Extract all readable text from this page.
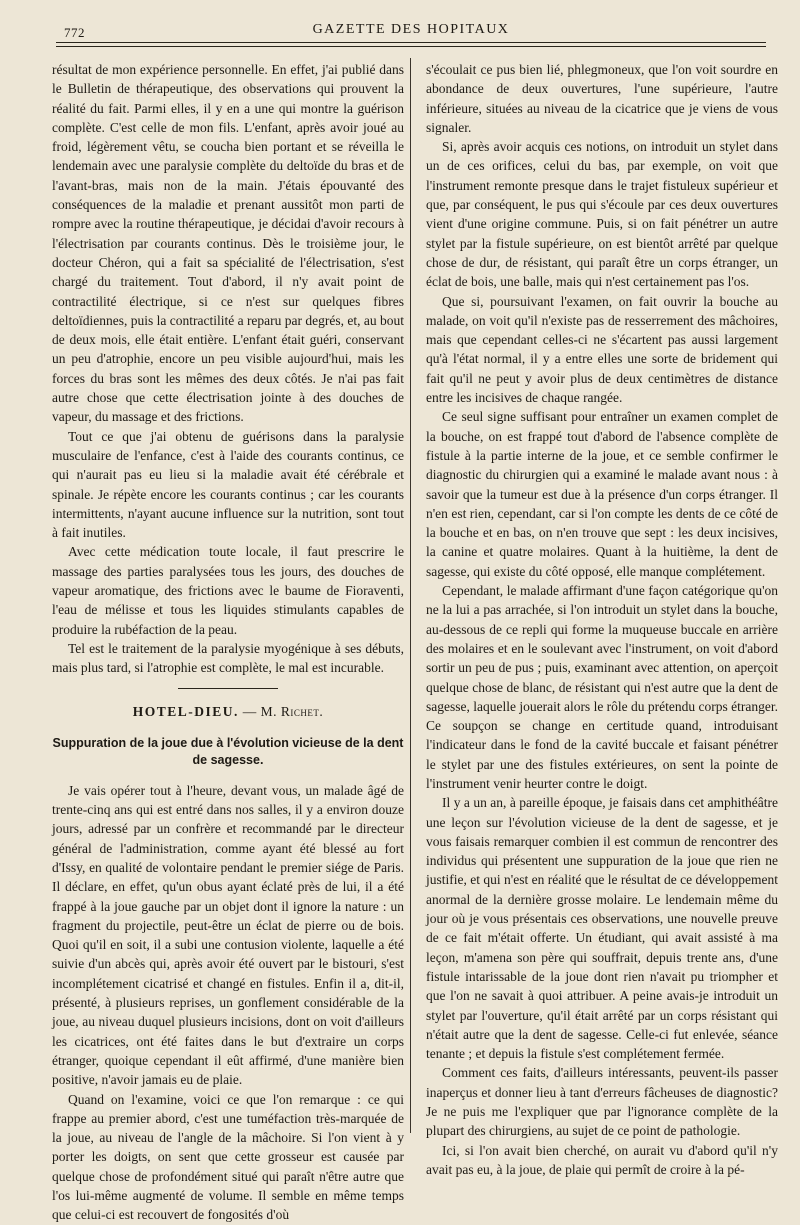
772	GAZETTE DES HOPITAUX

résultat de mon expérience personnelle. En effet, j'ai publié dans le Bulletin de thérapeutique, des observations qui prouvent la réalité du fait. Parmi elles, il y en a une qui montre la guérison complète. C'est celle de mon fils. L'enfant, après avoir joué au froid, légèrement vêtu, se coucha bien portant et se réveilla le lendemain avec une paralysie complète du deltoïde du bras et de l'avant-bras, mais non de la main. J'étais épouvanté des conséquences de la maladie et prenant aussitôt mon parti de rompre avec la routine thérapeutique, je décidai d'avoir recours à l'électrisation par courants continus. Dès le troisième jour, le docteur Chéron, qui a fait sa spécialité de l'électrisation, s'est chargé du traitement. Tout d'abord, il n'y avait point de contractilité électrique, si ce n'est sur quelques fibres deltoïdiennes, puis la contractilité a reparu par degrés, et, au bout de deux mois, elle était entière. L'enfant était guéri, conservant un peu d'atrophie, encore un peu visible aujourd'hui, mais les forces du bras sont les mêmes des deux côtés. Je n'ai pas fait autre chose que cette électrisation jointe à des douches de vapeur, du massage et des frictions.

Tout ce que j'ai obtenu de guérisons dans la paralysie musculaire de l'enfance, c'est à l'aide des courants continus, ce qui n'aurait pas eu lieu si la maladie avait été cérébrale et spinale. Je répète encore les courants continus ; car les courants intermittents, n'ayant aucune influence sur la nutrition, sont tout à fait inutiles.

Avec cette médication toute locale, il faut prescrire le massage des parties paralysées tous les jours, des douches de vapeur aromatique, des frictions avec le baume de Fioraventi, l'eau de mélisse et tous les liquides stimulants capables de produire la rubéfaction de la peau.

Tel est le traitement de la paralysie myogénique à ses débuts, mais plus tard, si l'atrophie est complète, le mal est incurable.

HOTEL-DIEU. — M. Richet.
Suppuration de la joue due à l'évolution vicieuse de la dent de sagesse.

Je vais opérer tout à l'heure, devant vous, un malade âgé de trente-cinq ans qui est entré dans nos salles, il y a environ douze jours, adressé par un confrère et recommandé par le directeur général de l'administration, comme ayant été blessé au fort d'Issy, en qualité de volontaire pendant le premier siége de Paris. Il déclare, en effet, qu'un obus ayant éclaté près de lui, il a été frappé à la joue gauche par un objet dont il ignore la nature : un fragment du projectile, peut-être un éclat de pierre ou de bois. Quoi qu'il en soit, il a subi une contusion violente, laquelle a été suivie d'un abcès qui, après avoir été ouvert par le bistouri, s'est incomplétement cicatrisé et changé en fistules. Enfin il a, dit-il, présenté, à plusieurs reprises, un gonflement considérable de la joue, au niveau duquel plusieurs incisions, dont on voit d'ailleurs les cicatrices, ont été faites dans le but d'extraire un corps étranger, quoique cependant il eût affirmé, d'une manière bien positive, n'avoir jamais eu de plaie.

Quand on l'examine, voici ce que l'on remarque : ce qui frappe au premier abord, c'est une tuméfaction très-marquée de la joue, au niveau de l'angle de la mâchoire. Si l'on vient à y porter les doigts, on sent que cette grosseur est causée par quelque chose de profondément situé qui paraît n'être autre que l'os lui-même augmenté de volume. Il semble en même temps que celui-ci est recouvert de fongosités d'où

s'écoulait ce pus bien lié, phlegmoneux, que l'on voit sourdre en abondance de deux ouvertures, l'une supérieure, l'autre inférieure, situées au niveau de la cicatrice que je viens de vous signaler.

Si, après avoir acquis ces notions, on introduit un stylet dans un de ces orifices, celui du bas, par exemple, on voit que l'instrument remonte presque dans le trajet fistuleux supérieur et que, par conséquent, le pus qui s'écoule par ces deux ouvertures vient d'une origine commune. Puis, si on fait pénétrer un autre stylet par la fistule supérieure, on est bientôt arrêté par quelque chose de dur, de résistant, qui paraît être un corps étranger, un éclat de bois, une balle, mais qui n'est certainement pas l'os.

Que si, poursuivant l'examen, on fait ouvrir la bouche au malade, on voit qu'il n'existe pas de resserrement des mâchoires, mais que cependant celles-ci ne s'écartent pas aussi largement qu'à l'état normal, il y a entre elles une sorte de bridement qui fait qu'il ne peut y avoir plus de deux centimètres de distance entre les incisives de chaque rangée.

Ce seul signe suffisant pour entraîner un examen complet de la bouche, on est frappé tout d'abord de l'absence complète de fistule à la partie interne de la joue, et ce semble confirmer le diagnostic du chirurgien qui a examiné le malade avant nous : à savoir que la tumeur est due à la présence d'un corps étranger. Il n'en est rien, cependant, car si l'on compte les dents de ce côté de la bouche et en bas, on n'en trouve que sept : les deux incisives, la canine et quatre molaires. Quant à la huitième, la dent de sagesse, qui existe du côté opposé, elle manque complétement.

Cependant, le malade affirmant d'une façon catégorique qu'on ne la lui a pas arrachée, si l'on introduit un stylet dans la bouche, au-dessous de ce repli qui forme la muqueuse buccale en arrière des molaires et en le soulevant avec l'instrument, on voit d'abord sortir un peu de pus ; puis, examinant avec attention, on aperçoit quelque chose de blanc, de résistant qui n'est autre que la dent de sagesse, laquelle jouerait alors le rôle du prétendu corps étranger. Ce soupçon se change en certitude quand, introduisant l'indicateur dans le fond de la cavité buccale et faisant pénétrer le stylet par une des fistules extérieures, on sent la pointe de l'instrument venir heurter contre le doigt.

Il y a un an, à pareille époque, je faisais dans cet amphithéâtre une leçon sur l'évolution vicieuse de la dent de sagesse, et je vous faisais remarquer combien il est commun de rencontrer des individus qui présentent une suppuration de la joue que rien ne justifie, et qui n'est en réalité que le résultat de ce développement anormal de la dernière grosse molaire. Le lendemain même du jour où je vous présentais ces observations, une nouvelle preuve de ce fait m'était offerte. Un étudiant, qui avait assisté à ma leçon, m'amena son père qui souffrait, depuis trente ans, d'une fistule intarissable de la joue dont rien n'avait pu triompher et que l'on ne savait à quoi attribuer. A peine avais-je introduit un stylet par l'ouverture, qu'il était arrêté par un corps résistant qui n'était autre que la dent de sagesse. Celle-ci fut enlevée, séance tenante ; et depuis la fistule s'est complétement fermée.

Comment ces faits, d'ailleurs intéressants, peuvent-ils passer inaperçus et donner lieu à tant d'erreurs fâcheuses de diagnostic? Je ne puis me l'expliquer que par l'ignorance complète de la plupart des chirurgiens, au sujet de ce point de pathologie.

Ici, si l'on avait bien cherché, on aurait vu d'abord qu'il n'y avait pas eu, à la joue, de plaie qui permît de croire à la pé-
